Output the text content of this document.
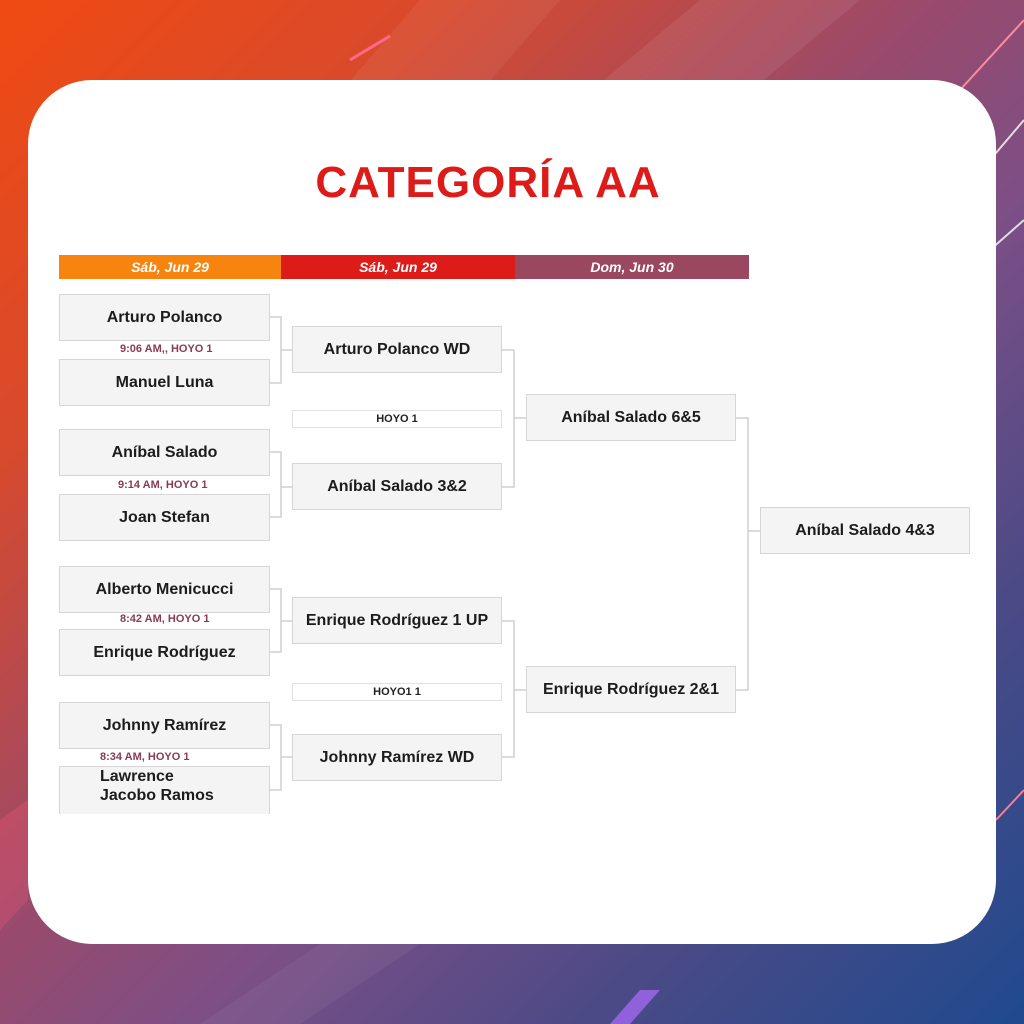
CATEGORÍA AA
Sáb, Jun 29	Sáb, Jun 29	Dom, Jun 30
Arturo Polanco
9:06 AM,, HOYO 1
Manuel Luna
Aníbal Salado
9:14 AM, HOYO 1
Joan Stefan
Alberto Menicucci
8:42 AM, HOYO 1
Enrique Rodríguez
Johnny Ramírez
8:34 AM, HOYO 1
Lawrence
Jacobo Ramos
Arturo Polanco WD
HOYO 1
Aníbal Salado 3&2
Enrique Rodríguez 1 UP
HOYO1 1
Johnny Ramírez WD
Aníbal Salado 6&5
Enrique Rodríguez 2&1
Aníbal Salado 4&3
